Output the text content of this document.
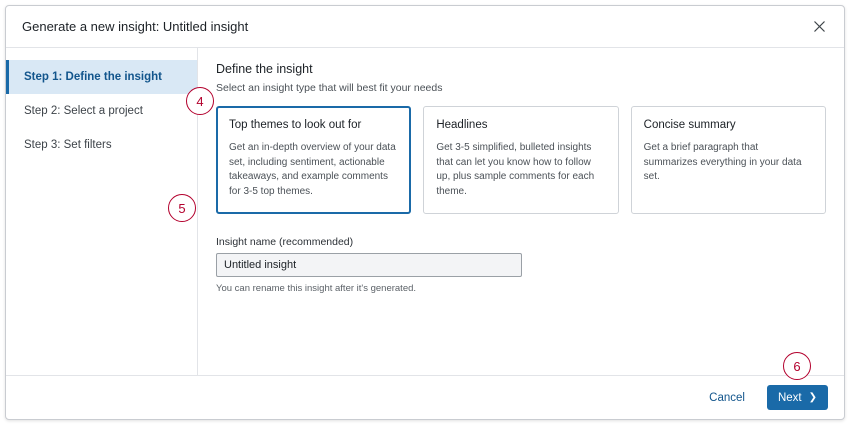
Generate a new insight: Untitled insight
Step 1: Define the insight
Step 2: Select a project
Step 3: Set filters
Define the insight
Select an insight type that will best fit your needs
Top themes to look out for
Get an in-depth overview of your data set, including sentiment, actionable takeaways, and example comments for 3-5 top themes.
Headlines
Get 3-5 simplified, bulleted insights that can let you know how to follow up, plus sample comments for each theme.
Concise summary
Get a brief paragraph that summarizes everything in your data set.
Insight name (recommended)
Untitled insight
You can rename this insight after it's generated.
Cancel	Next ❯
4
5
6
